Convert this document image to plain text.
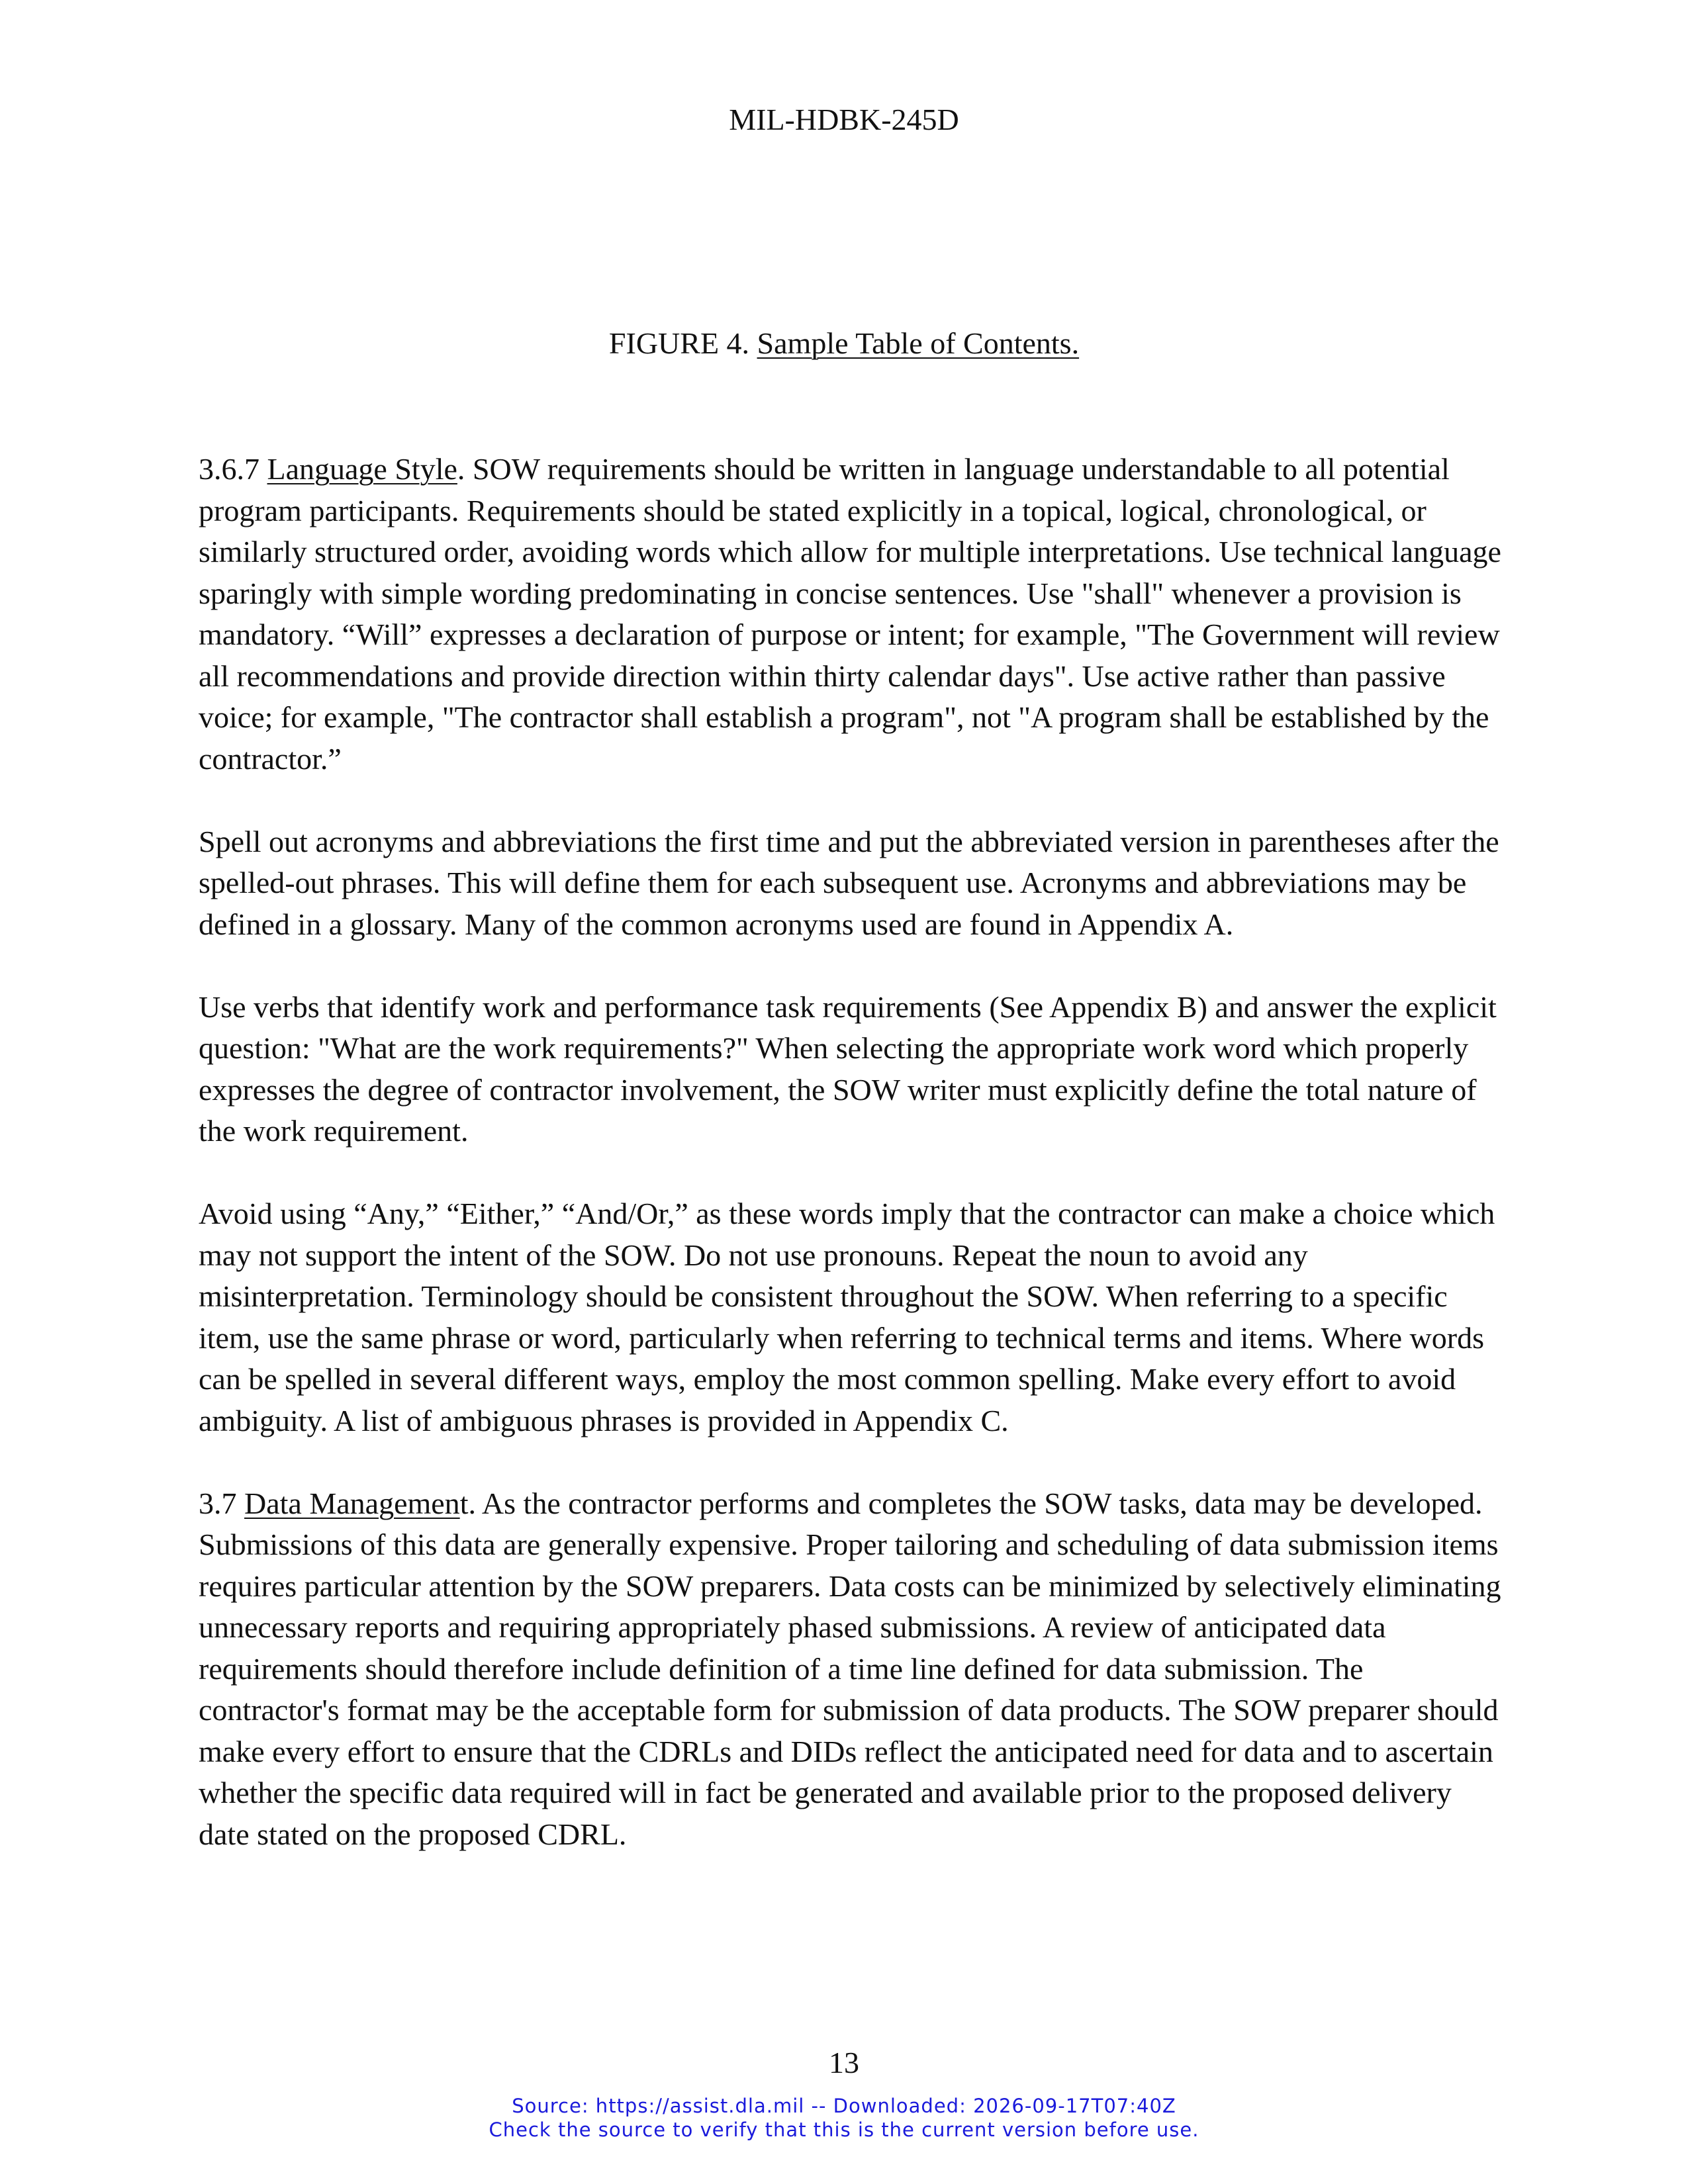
MIL-HDBK-245D
FIGURE 4. Sample Table of Contents.

3.6.7 Language Style. SOW requirements should be written in language understandable to all potential program participants. Requirements should be stated explicitly in a topical, logical, chronological, or similarly structured order, avoiding words which allow for multiple interpretations. Use technical language sparingly with simple wording predominating in concise sentences. Use "shall" whenever a provision is mandatory. “Will” expresses a declaration of purpose or intent; for example, "The Government will review all recommendations and provide direction within thirty calendar days". Use active rather than passive voice; for example, "The contractor shall establish a program", not "A program shall be established by the contractor.”

Spell out acronyms and abbreviations the first time and put the abbreviated version in parentheses after the spelled-out phrases. This will define them for each subsequent use. Acronyms and abbreviations may be defined in a glossary. Many of the common acronyms used are found in Appendix A.

Use verbs that identify work and performance task requirements (See Appendix B) and answer the explicit question: "What are the work requirements?" When selecting the appropriate work word which properly expresses the degree of contractor involvement, the SOW writer must explicitly define the total nature of the work requirement.

Avoid using “Any,” “Either,” “And/Or,” as these words imply that the contractor can make a choice which may not support the intent of the SOW. Do not use pronouns. Repeat the noun to avoid any misinterpretation. Terminology should be consistent throughout the SOW. When referring to a specific item, use the same phrase or word, particularly when referring to technical terms and items. Where words can be spelled in several different ways, employ the most common spelling. Make every effort to avoid ambiguity. A list of ambiguous phrases is provided in Appendix C.

3.7 Data Management. As the contractor performs and completes the SOW tasks, data may be developed. Submissions of this data are generally expensive. Proper tailoring and scheduling of data submission items requires particular attention by the SOW preparers. Data costs can be minimized by selectively eliminating unnecessary reports and requiring appropriately phased submissions. A review of anticipated data requirements should therefore include definition of a time line defined for data submission. The contractor's format may be the acceptable form for submission of data products. The SOW preparer should make every effort to ensure that the CDRLs and DIDs reflect the anticipated need for data and to ascertain whether the specific data required will in fact be generated and available prior to the proposed delivery date stated on the proposed CDRL.

13
Source: https://assist.dla.mil -- Downloaded: 2026-09-17T07:40Z
Check the source to verify that this is the current version before use.
